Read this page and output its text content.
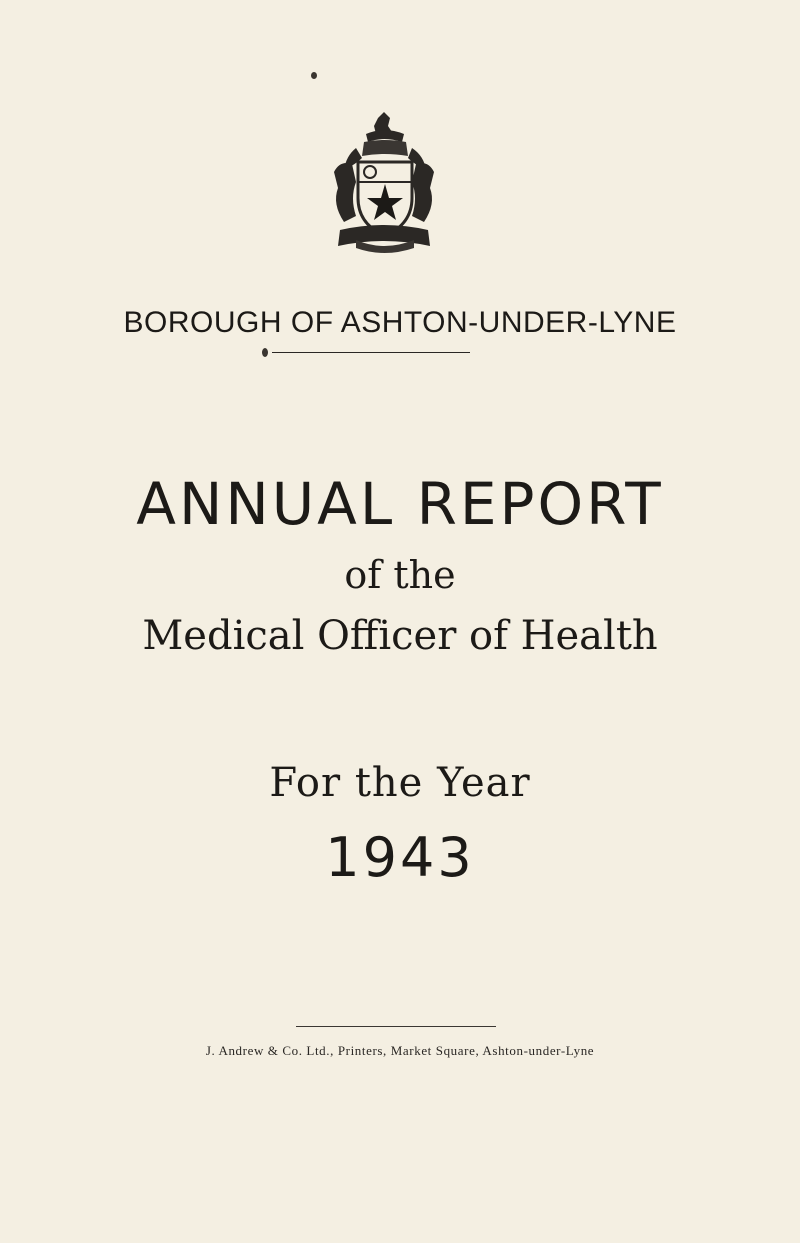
BOROUGH OF ASHTON-UNDER-LYNE
ANNUAL REPORT
of the
Medical Officer of Health
For the Year
1943
J. Andrew & Co. Ltd., Printers, Market Square, Ashton-under-Lyne
